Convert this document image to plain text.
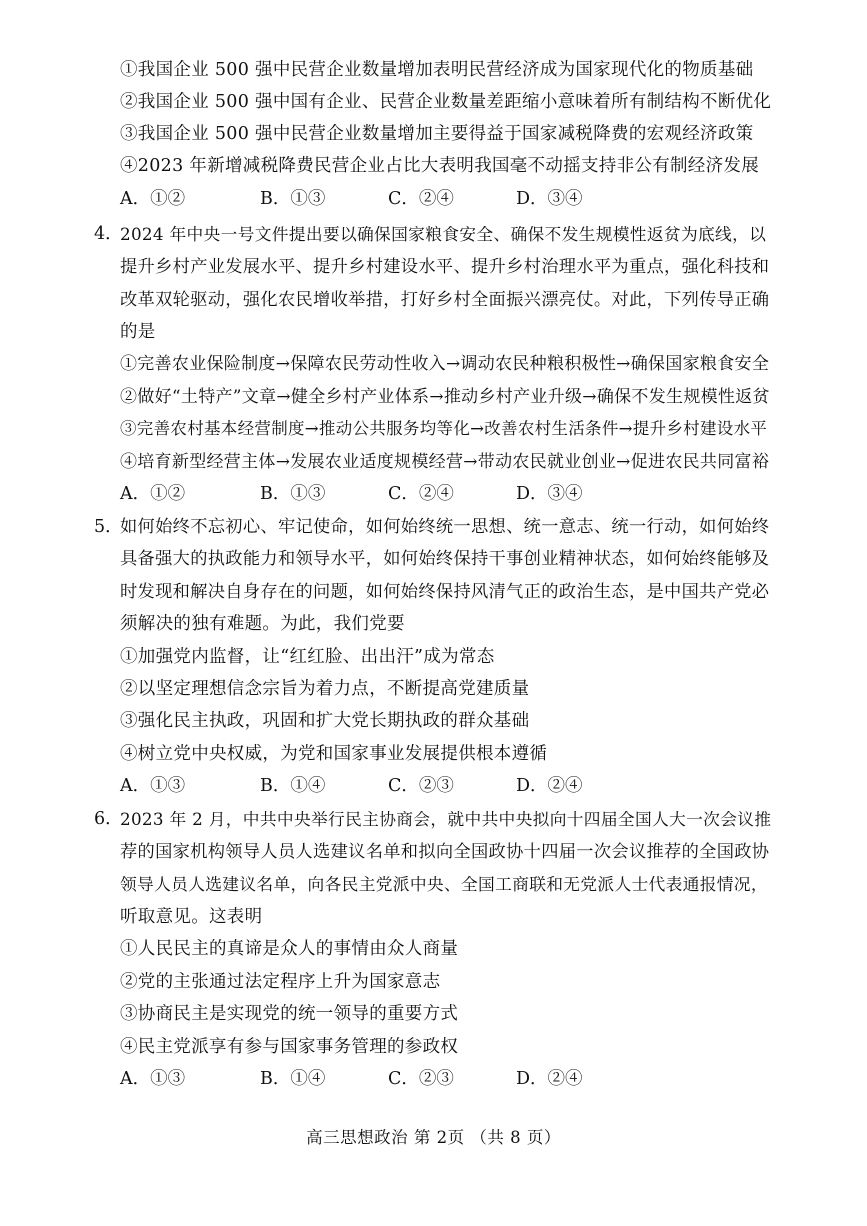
①我国企业 500 强中民营企业数量增加表明民营经济成为国家现代化的物质基础
②我国企业 500 强中国有企业、民营企业数量差距缩小意味着所有制结构不断优化
③我国企业 500 强中民营企业数量增加主要得益于国家减税降费的宏观经济政策
④2023 年新增减税降费民营企业占比大表明我国毫不动摇支持非公有制经济发展
A．①②	B．①③	C．②④	D．③④
4．
2024 年中央一号文件提出要以确保国家粮食安全、确保不发生规模性返贫为底线，以
提升乡村产业发展水平、提升乡村建设水平、提升乡村治理水平为重点，强化科技和
改革双轮驱动，强化农民增收举措，打好乡村全面振兴漂亮仗。对此，下列传导正确
的是
①完善农业保险制度→保障农民劳动性收入→调动农民种粮积极性→确保国家粮食安全
②做好“土特产”文章→健全乡村产业体系→推动乡村产业升级→确保不发生规模性返贫
③完善农村基本经营制度→推动公共服务均等化→改善农村生活条件→提升乡村建设水平
④培育新型经营主体→发展农业适度规模经营→带动农民就业创业→促进农民共同富裕
A．①②	B．①③	C．②④	D．③④
5．
如何始终不忘初心、牢记使命，如何始终统一思想、统一意志、统一行动，如何始终
具备强大的执政能力和领导水平，如何始终保持干事创业精神状态，如何始终能够及
时发现和解决自身存在的问题，如何始终保持风清气正的政治生态，是中国共产党必
须解决的独有难题。为此，我们党要
①加强党内监督，让“红红脸、出出汗”成为常态
②以坚定理想信念宗旨为着力点，不断提高党建质量
③强化民主执政，巩固和扩大党长期执政的群众基础
④树立党中央权威，为党和国家事业发展提供根本遵循
A．①③	B．①④	C．②③	D．②④
6．
2023 年 2 月，中共中央举行民主协商会，就中共中央拟向十四届全国人大一次会议推
荐的国家机构领导人员人选建议名单和拟向全国政协十四届一次会议推荐的全国政协
领导人员人选建议名单，向各民主党派中央、全国工商联和无党派人士代表通报情况，
听取意见。这表明
①人民民主的真谛是众人的事情由众人商量
②党的主张通过法定程序上升为国家意志
③协商民主是实现党的统一领导的重要方式
④民主党派享有参与国家事务管理的参政权
A．①③	B．①④	C．②③	D．②④
高三思想政治 第 2页 （共 8 页）
